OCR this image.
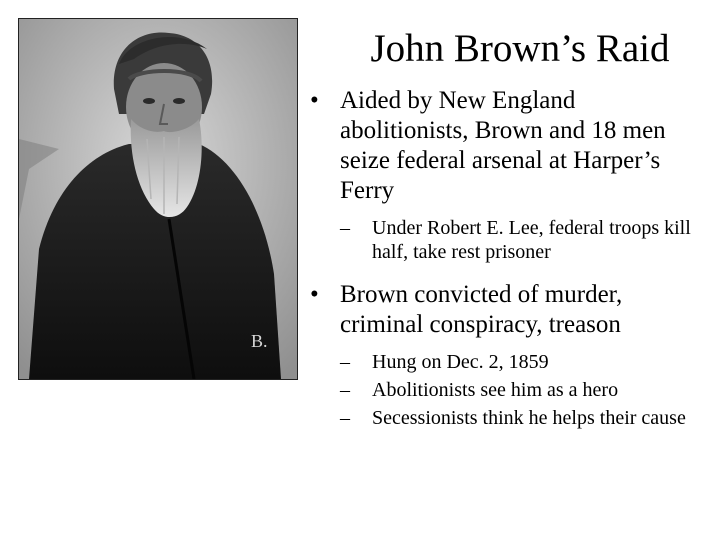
B.
John Brown’s Raid
• Aided by New England abolitionists, Brown and 18 men seize federal arsenal at Harper’s Ferry
–	Under Robert E. Lee, federal troops kill half, take rest prisoner
• Brown convicted of murder, criminal conspiracy, treason
–	Hung on Dec. 2, 1859
–	Abolitionists see him as a hero
–	Secessionists think he helps their cause
